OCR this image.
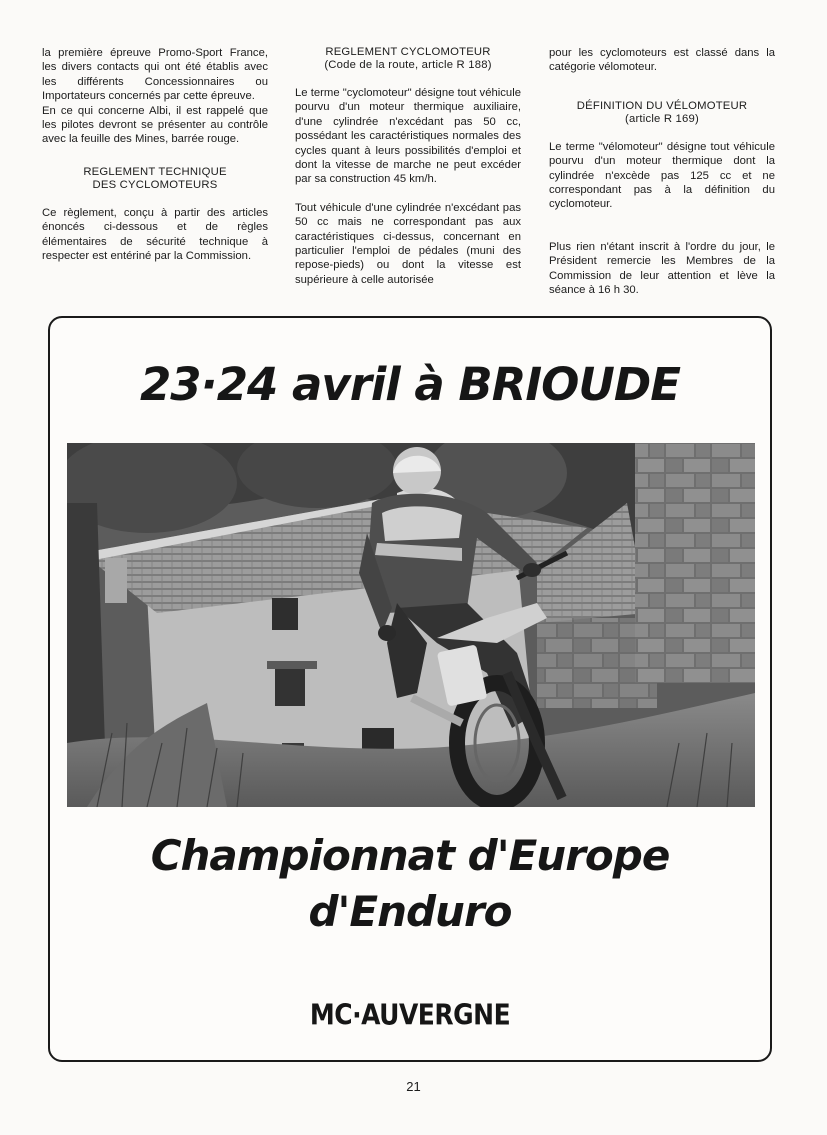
la première épreuve Promo-Sport France, les divers contacts qui ont été établis avec les différents Concessionnaires ou Importateurs concernés par cette épreuve.

En ce qui concerne Albi, il est rappelé que les pilotes devront se présenter au contrôle avec la feuille des Mines, barrée rouge.

REGLEMENT TECHNIQUE
DES CYCLOMOTEURS

Ce règlement, conçu à partir des articles énoncés ci-dessous et de règles élémentaires de sécurité technique à respecter est entériné par la Commission.

REGLEMENT CYCLOMOTEUR
(Code de la route, article R 188)

Le terme "cyclomoteur" désigne tout véhicule pourvu d'un moteur thermique auxiliaire, d'une cylindrée n'excédant pas 50 cc, possédant les caractéristiques normales des cycles quant à leurs possibilités d'emploi et dont la vitesse de marche ne peut excéder par sa construction 45 km/h.

Tout véhicule d'une cylindrée n'excédant pas 50 cc mais ne correspondant pas aux caractéristiques ci-dessus, concernant en particulier l'emploi de pédales (muni des repose-pieds) ou dont la vitesse est supérieure à celle autorisée

pour les cyclomoteurs est classé dans la catégorie vélomoteur.

DÉFINITION DU VÉLOMOTEUR
(article R 169)

Le terme "vélomoteur" désigne tout véhicule pourvu d'un moteur thermique dont la cylindrée n'excède pas 125 cc et ne correspondant pas à la définition du cyclomoteur.

Plus rien n'étant inscrit à l'ordre du jour, le Président remercie les Membres de la Commission de leur attention et lève la séance à 16 h 30.

23·24 avril à BRIOUDE
Championnat d'Europe
d'Enduro
MC·AUVERGNE
21
